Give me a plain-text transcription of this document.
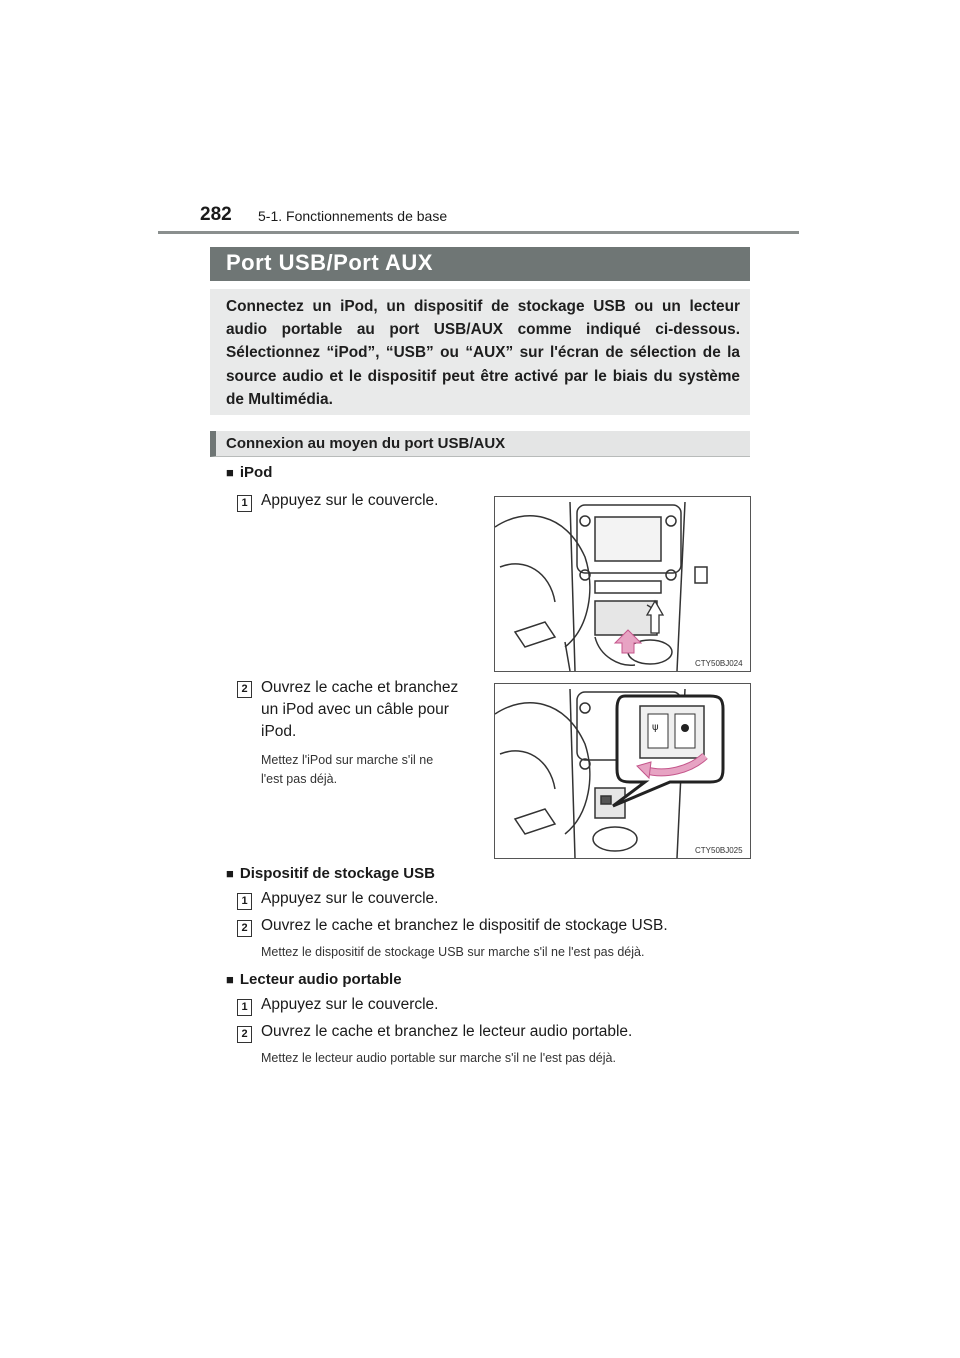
282 5-1. Fonctionnements de base
Port USB/Port AUX
Connectez un iPod, un dispositif de stockage USB ou un lecteur audio portable au port USB/AUX comme indiqué ci-dessous. Sélectionnez “iPod”, “USB” ou “AUX” sur l'écran de sélection de la source audio et le dispositif peut être activé par le biais du système de Multimédia.
Connexion au moyen du port USB/AUX
■ iPod
1 Appuyez sur le couvercle.
CTY50BJ024
2 Ouvrez le cache et branchez
un iPod avec un câble pour
iPod.
Mettez l'iPod sur marche s'il ne
l'est pas déjà.
ψ
CTY50BJ025
■ Dispositif de stockage USB
1 Appuyez sur le couvercle.
2 Ouvrez le cache et branchez le dispositif de stockage USB.
Mettez le dispositif de stockage USB sur marche s'il ne l'est pas déjà.
■ Lecteur audio portable
1 Appuyez sur le couvercle.
2 Ouvrez le cache et branchez le lecteur audio portable.
Mettez le lecteur audio portable sur marche s'il ne l'est pas déjà.
